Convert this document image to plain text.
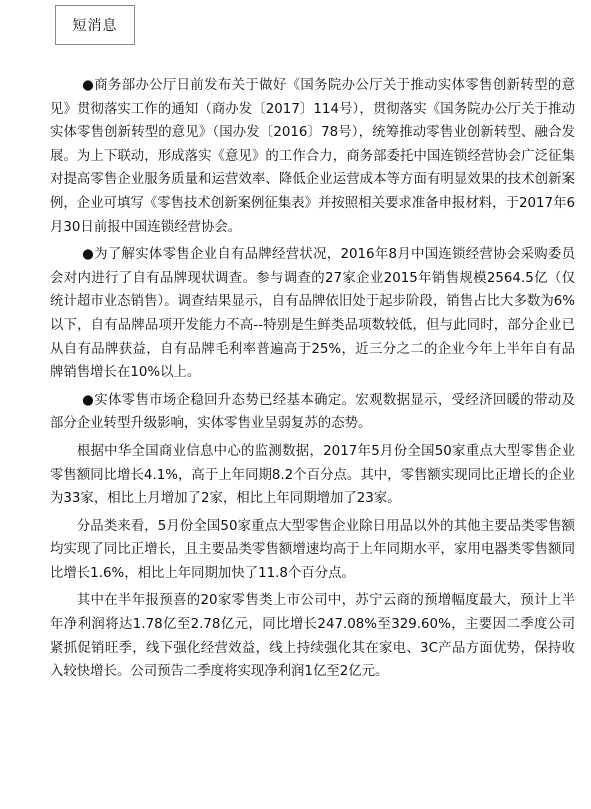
短消息

●商务部办公厅日前发布关于做好《国务院办公厅关于推动实体零售创新转型的意见》贯彻落实工作的通知（商办发〔2017〕114号），贯彻落实《国务院办公厅关于推动实体零售创新转型的意见》（国办发〔2016〕78号），统筹推动零售业创新转型、融合发展。为上下联动，形成落实《意见》的工作合力，商务部委托中国连锁经营协会广泛征集对提高零售企业服务质量和运营效率、降低企业运营成本等方面有明显效果的技术创新案例，企业可填写《零售技术创新案例征集表》并按照相关要求准备申报材料，于2017年6月30日前报中国连锁经营协会。

●为了解实体零售企业自有品牌经营状况，2016年8月中国连锁经营协会采购委员会对内进行了自有品牌现状调查。参与调查的27家企业2015年销售规模2564.5亿（仅统计超市业态销售）。调查结果显示，自有品牌依旧处于起步阶段，销售占比大多数为6%以下，自有品牌品项开发能力不高--特别是生鲜类品项数较低，但与此同时，部分企业已从自有品牌获益，自有品牌毛利率普遍高于25%，近三分之二的企业今年上半年自有品牌销售增长在10%以上。

●实体零售市场企稳回升态势已经基本确定。宏观数据显示，受经济回暖的带动及部分企业转型升级影响，实体零售业呈弱复苏的态势。

根据中华全国商业信息中心的监测数据，2017年5月份全国50家重点大型零售企业零售额同比增长4.1%，高于上年同期8.2个百分点。其中，零售额实现同比正增长的企业为33家，相比上月增加了2家，相比上年同期增加了23家。

分品类来看，5月份全国50家重点大型零售企业除日用品以外的其他主要品类零售额均实现了同比正增长，且主要品类零售额增速均高于上年同期水平，家用电器类零售额同比增长1.6%，相比上年同期加快了11.8个百分点。

其中在半年报预喜的20家零售类上市公司中，苏宁云商的预增幅度最大，预计上半年净利润将达1.78亿至2.78亿元，同比增长247.08%至329.60%，主要因二季度公司紧抓促销旺季，线下强化经营效益，线上持续强化其在家电、3C产品方面优势，保持收入较快增长。公司预告二季度将实现净利润1亿至2亿元。
